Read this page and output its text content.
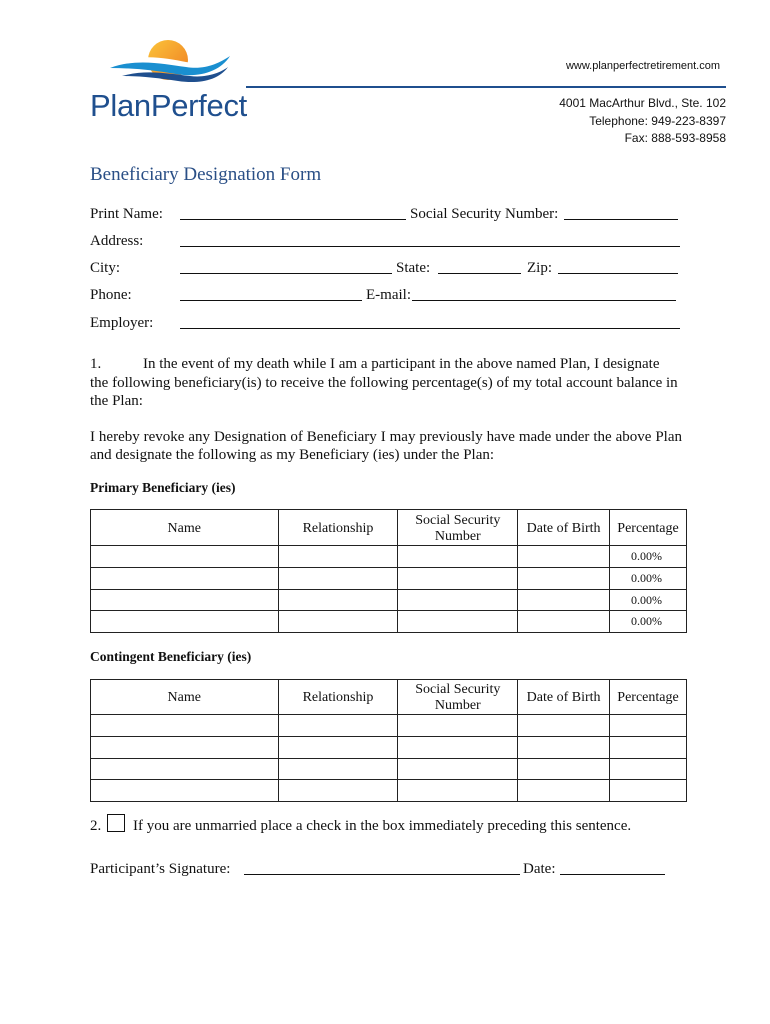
PlanPerfect
www.planperfectretirement.com
4001 MacArthur Blvd., Ste. 102
Telephone: 949-223-8397
Fax: 888-593-8958
Beneficiary Designation Form
Print Name:	Social Security Number:
Address:
City:	State:	Zip:
Phone:	E-mail:
Employer:
1.	In the event of my death while I am a participant in the above named Plan, I designate
the following beneficiary(is) to receive the following percentage(s) of my total account balance in the Plan:
I hereby revoke any Designation of Beneficiary I may previously have made under the above Plan and designate the following as my Beneficiary (ies) under the Plan:
Primary Beneficiary (ies)
Name	Relationship	Social Security Number	Date of Birth	Percentage
				0.00%
				0.00%
				0.00%
				0.00%
Contingent Beneficiary (ies)
Name	Relationship	Social Security Number	Date of Birth	Percentage

2. If you are unmarried place a check in the box immediately preceding this sentence.
Participant’s Signature:	Date:
